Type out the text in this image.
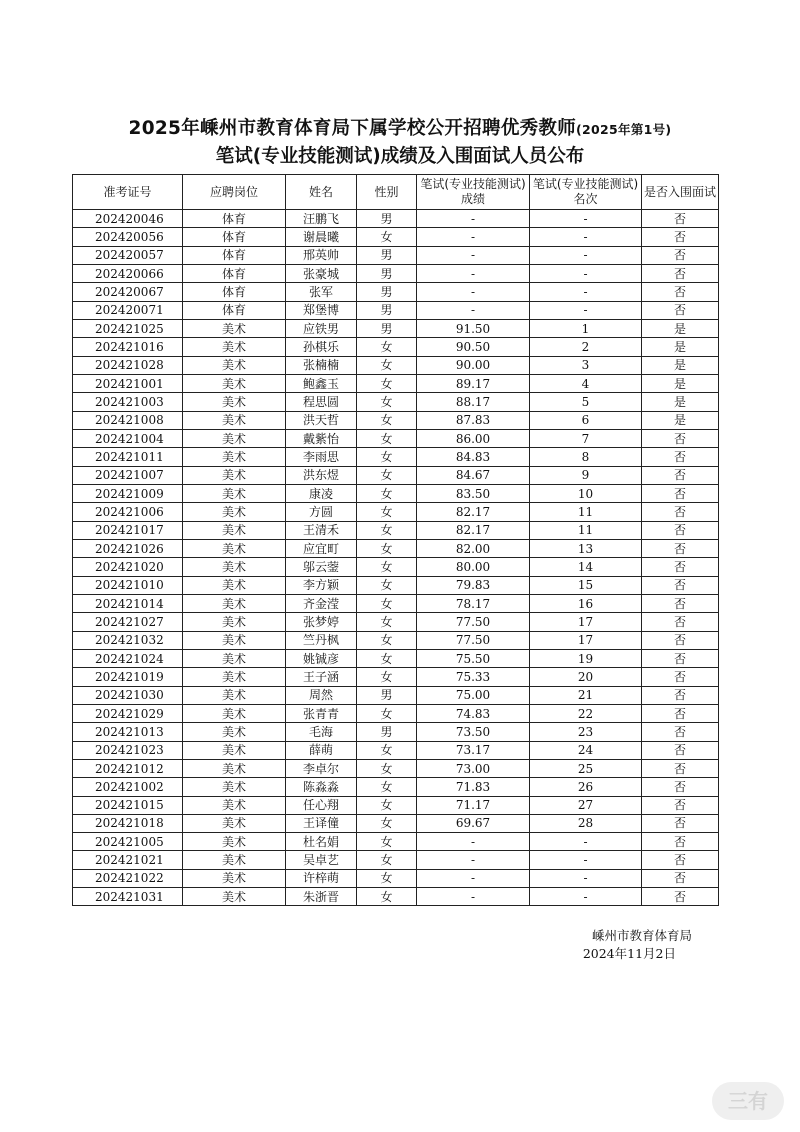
2025年嵊州市教育体育局下属学校公开招聘优秀教师(2025年第1号)
笔试(专业技能测试)成绩及入围面试人员公布
准考证号	应聘岗位	姓名	性别	笔试(专业技能测试)成绩	笔试(专业技能测试)名次	是否入围面试
202420046	体育	汪鹏飞	男	-	-	否
202420056	体育	谢晨曦	女	-	-	否
202420057	体育	邢英帅	男	-	-	否
202420066	体育	张豪城	男	-	-	否
202420067	体育	张军	男	-	-	否
202420071	体育	郑堡博	男	-	-	否
202421025	美术	应铁男	男	91.50	1	是
202421016	美术	孙棋乐	女	90.50	2	是
202421028	美术	张楠楠	女	90.00	3	是
202421001	美术	鲍鑫玉	女	89.17	4	是
202421003	美术	程思圆	女	88.17	5	是
202421008	美术	洪天哲	女	87.83	6	是
202421004	美术	戴紫怡	女	86.00	7	否
202421011	美术	李雨思	女	84.83	8	否
202421007	美术	洪东煜	女	84.67	9	否
202421009	美术	康凌	女	83.50	10	否
202421006	美术	方圆	女	82.17	11	否
202421017	美术	王清禾	女	82.17	11	否
202421026	美术	应宜町	女	82.00	13	否
202421020	美术	邬云蓥	女	80.00	14	否
202421010	美术	李方颖	女	79.83	15	否
202421014	美术	齐金滢	女	78.17	16	否
202421027	美术	张梦婷	女	77.50	17	否
202421032	美术	竺丹枫	女	77.50	17	否
202421024	美术	姚铖彦	女	75.50	19	否
202421019	美术	王子涵	女	75.33	20	否
202421030	美术	周然	男	75.00	21	否
202421029	美术	张青青	女	74.83	22	否
202421013	美术	毛海	男	73.50	23	否
202421023	美术	薛萌	女	73.17	24	否
202421012	美术	李卓尔	女	73.00	25	否
202421002	美术	陈淼淼	女	71.83	26	否
202421015	美术	任心翔	女	71.17	27	否
202421018	美术	王译僮	女	69.67	28	否
202421005	美术	杜名娟	女	-	-	否
202421021	美术	吴卓艺	女	-	-	否
202421022	美术	许梓萌	女	-	-	否
202421031	美术	朱浙晋	女	-	-	否
嵊州市教育体育局
2024年11月2日
三有
